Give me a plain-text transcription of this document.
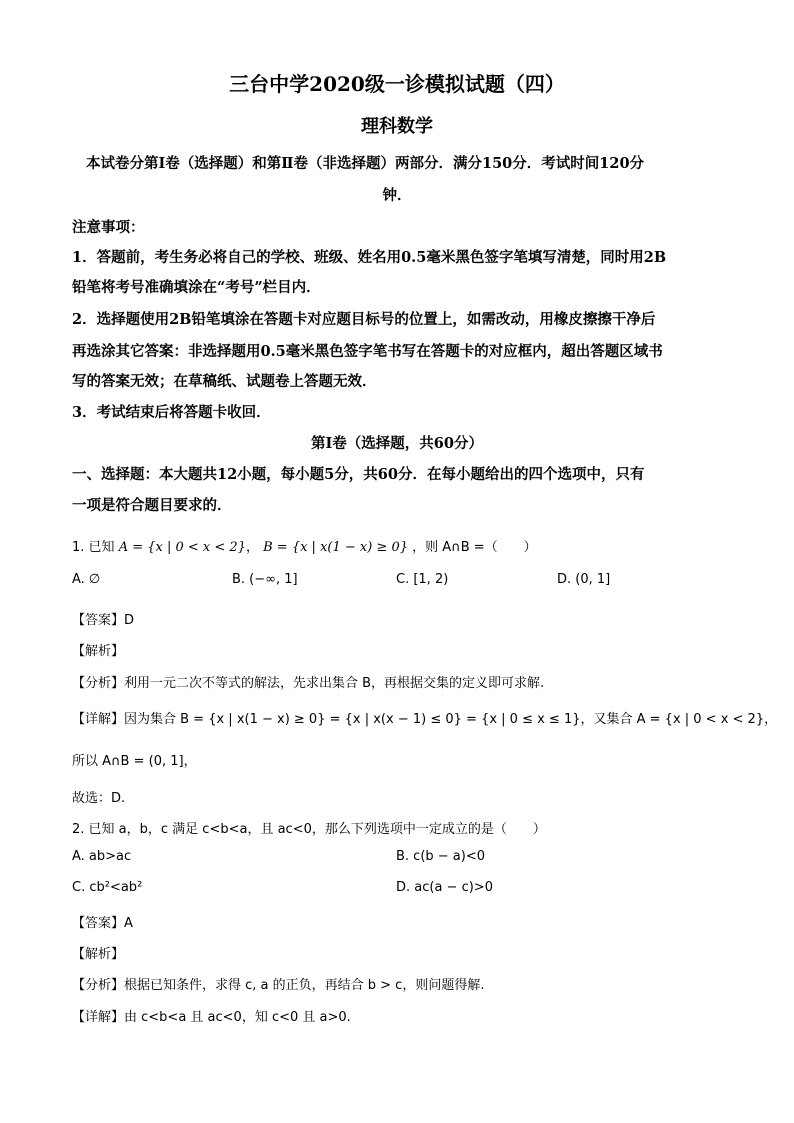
三台中学2020级一诊模拟试题（四）
理科数学
本试卷分第Ⅰ卷（选择题）和第Ⅱ卷（非选择题）两部分．满分150分．考试时间120分
钟．
注意事项：
1．答题前，考生务必将自己的学校、班级、姓名用0.5毫米黑色签字笔填写清楚，同时用2B
铅笔将考号准确填涂在“考号”栏目内．
2．选择题使用2B铅笔填涂在答题卡对应题目标号的位置上，如需改动，用橡皮擦擦干净后
再选涂其它答案：非选择题用0.5毫米黑色签字笔书写在答题卡的对应框内，超出答题区域书
写的答案无效；在草稿纸、试题卷上答题无效．
3．考试结束后将答题卡收回．
第Ⅰ卷（选择题，共60分）
一、选择题：本大题共12小题，每小题5分，共60分．在每小题给出的四个选项中，只有
一项是符合题目要求的．
1. 已知 A = {x | 0 < x < 2}， B = {x | x(1 − x) ≥ 0} ，则 A∩B =（　　）
A. ∅	B. (−∞, 1]	C. [1, 2)	D. (0, 1]
【答案】D
【解析】
【分析】利用一元二次不等式的解法，先求出集合 B，再根据交集的定义即可求解.
【详解】因为集合 B = {x | x(1 − x) ≥ 0} = {x | x(x − 1) ≤ 0} = {x | 0 ≤ x ≤ 1}，又集合 A = {x | 0 < x < 2}，
所以 A∩B = (0, 1]，
故选：D.
2. 已知 a，b，c 满足 c<b<a，且 ac<0，那么下列选项中一定成立的是（　　）
A. ab>ac	B. c(b − a)<0
C. cb²<ab²	D. ac(a − c)>0
【答案】A
【解析】
【分析】根据已知条件，求得 c, a 的正负，再结合 b > c，则问题得解.
【详解】由 c<b<a 且 ac<0，知 c<0 且 a>0.
